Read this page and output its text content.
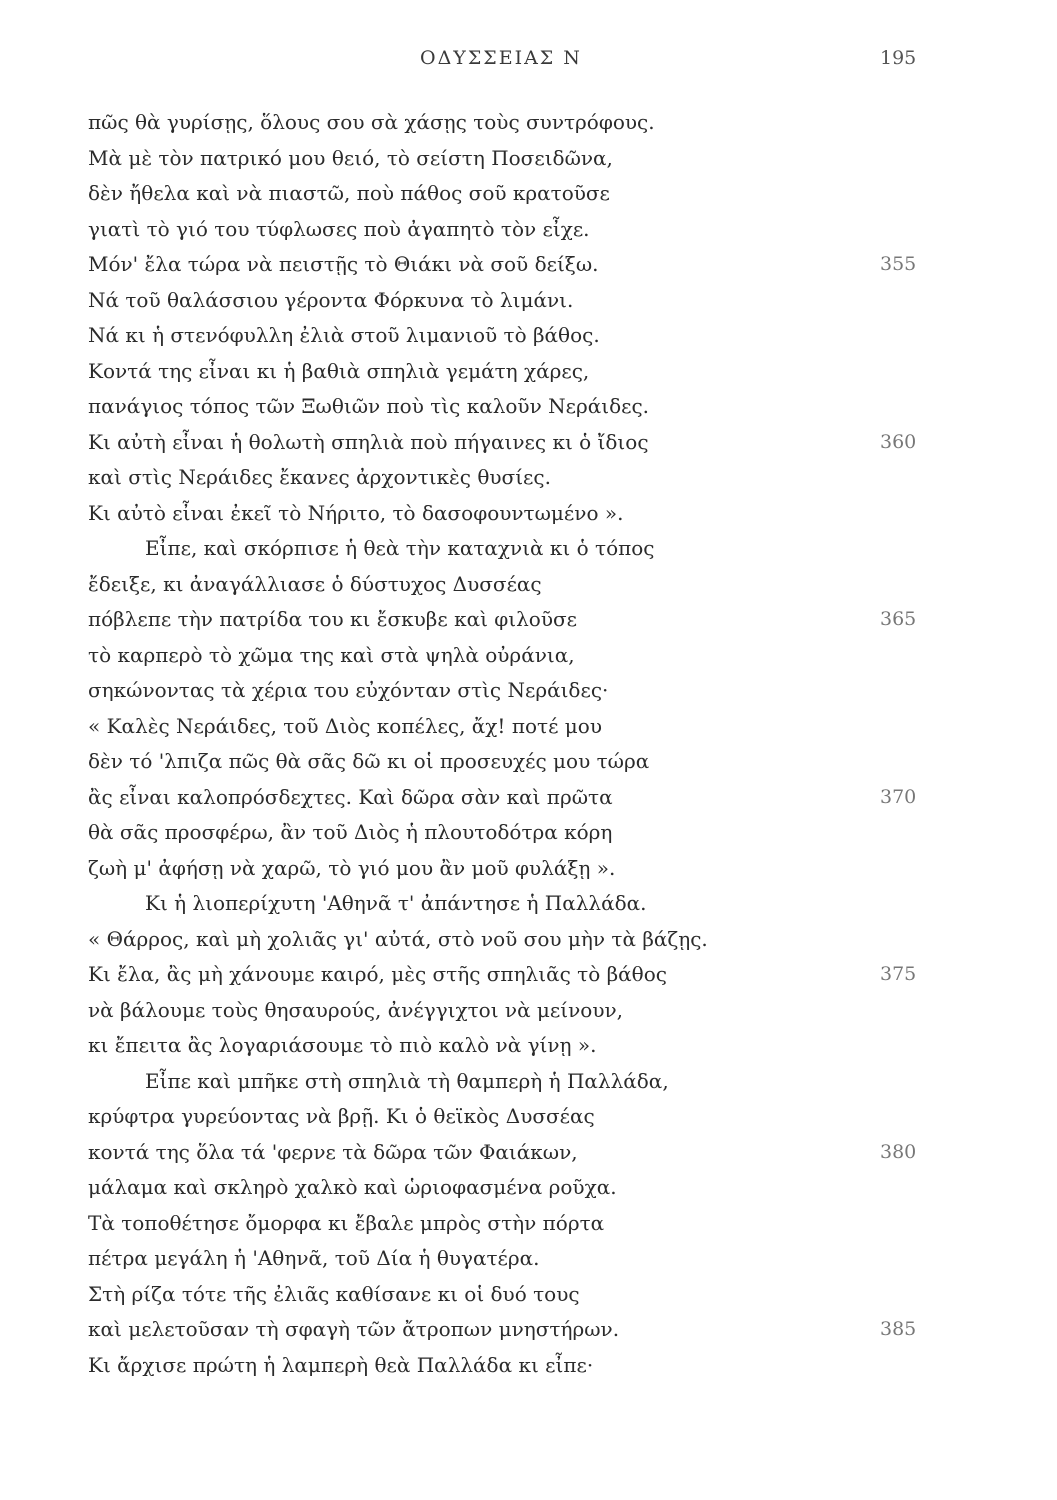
ΟΔΥΣΣΕΙΑΣ Ν	195
πῶς θὰ γυρίσῃς, ὅλους σου σὰ χάσῃς τοὺς συντρόφους.
Μὰ μὲ τὸν πατρικό μου θειό, τὸ σείστη Ποσειδῶνα,
δὲν ἤθελα καὶ νὰ πιαστῶ, ποὺ πάθος σοῦ κρατοῦσε
γιατὶ τὸ γιό του τύφλωσες ποὺ ἀγαπητὸ τὸν εἶχε.
Μόν' ἔλα τώρα νὰ πειστῇς τὸ Θιάκι νὰ σοῦ δείξω.	355
Νά τοῦ θαλάσσιου γέροντα Φόρκυνα τὸ λιμάνι.
Νά κι ἡ στενόφυλλη ἐλιὰ στοῦ λιμανιοῦ τὸ βάθος.
Κοντά της εἶναι κι ἡ βαθιὰ σπηλιὰ γεμάτη χάρες,
πανάγιος τόπος τῶν Ξωθιῶν ποὺ τὶς καλοῦν Νεράιδες.
Κι αὐτὴ εἶναι ἡ θολωτὴ σπηλιὰ ποὺ πήγαινες κι ὁ ἴδιος	360
καὶ στὶς Νεράιδες ἔκανες ἀρχοντικὲς θυσίες.
Κι αὐτὸ εἶναι ἐκεῖ τὸ Νήριτο, τὸ δασοφουντωμένο ».
Εἶπε, καὶ σκόρπισε ἡ θεὰ τὴν καταχνιὰ κι ὁ τόπος
ἔδειξε, κι ἀναγάλλιασε ὁ δύστυχος Δυσσέας
πόβλεπε τὴν πατρίδα του κι ἔσκυβε καὶ φιλοῦσε	365
τὸ καρπερὸ τὸ χῶμα της καὶ στὰ ψηλὰ οὐράνια,
σηκώνοντας τὰ χέρια του εὐχόνταν στὶς Νεράιδες·
« Καλὲς Νεράιδες, τοῦ Διὸς κοπέλες, ἄχ! ποτέ μου
δὲν τό 'λπιζα πῶς θὰ σᾶς δῶ κι οἱ προσευχές μου τώρα
ἂς εἶναι καλοπρόσδεχτες. Καὶ δῶρα σὰν καὶ πρῶτα	370
θὰ σᾶς προσφέρω, ἂν τοῦ Διὸς ἡ πλουτοδότρα κόρη
ζωὴ μ' ἀφήσῃ νὰ χαρῶ, τὸ γιό μου ἂν μοῦ φυλάξῃ ».
Κι ἡ λιοπερίχυτη 'Αθηνᾶ τ' ἀπάντησε ἡ Παλλάδα.
« Θάρρος, καὶ μὴ χολιᾶς γι' αὐτά, στὸ νοῦ σου μὴν τὰ βάζῃς.
Κι ἔλα, ἂς μὴ χάνουμε καιρό, μὲς στῆς σπηλιᾶς τὸ βάθος	375
νὰ βάλουμε τοὺς θησαυρούς, ἀνέγγιχτοι νὰ μείνουν,
κι ἔπειτα ἂς λογαριάσουμε τὸ πιὸ καλὸ νὰ γίνῃ ».
Εἶπε καὶ μπῆκε στὴ σπηλιὰ τὴ θαμπερὴ ἡ Παλλάδα,
κρύφτρα γυρεύοντας νὰ βρῇ. Κι ὁ θεϊκὸς Δυσσέας
κοντά της ὅλα τά 'φερνε τὰ δῶρα τῶν Φαιάκων,	380
μάλαμα καὶ σκληρὸ χαλκὸ καὶ ὡριοφασμένα ροῦχα.
Τὰ τοποθέτησε ὄμορφα κι ἔβαλε μπρὸς στὴν πόρτα
πέτρα μεγάλη ἡ 'Αθηνᾶ, τοῦ Δία ἡ θυγατέρα.
Στὴ ρίζα τότε τῆς ἐλιᾶς καθίσανε κι οἱ δυό τους
καὶ μελετοῦσαν τὴ σφαγὴ τῶν ἄτροπων μνηστήρων.	385
Κι ἄρχισε πρώτη ἡ λαμπερὴ θεὰ Παλλάδα κι εἶπε·
